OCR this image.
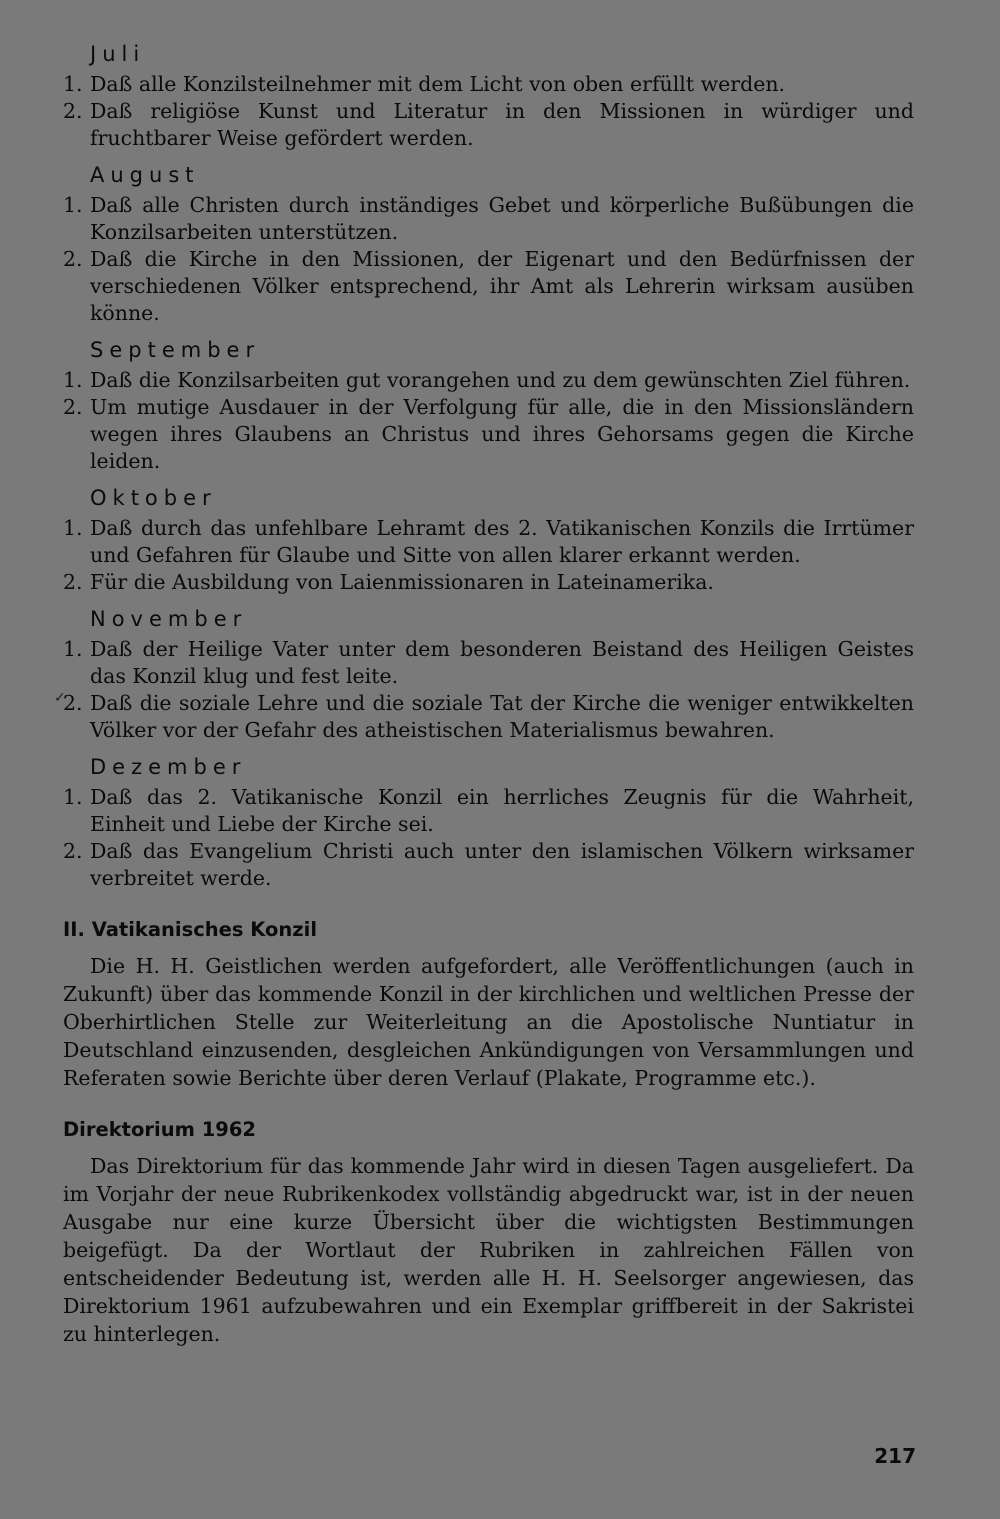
Juli
1. Daß alle Konzilsteilnehmer mit dem Licht von oben erfüllt werden.
2. Daß religiöse Kunst und Literatur in den Missionen in würdiger und fruchtbarer Weise gefördert werden.
August
1. Daß alle Christen durch inständiges Gebet und körperliche Bußübungen die Konzilsarbeiten unterstützen.
2. Daß die Kirche in den Missionen, der Eigenart und den Bedürfnissen der verschiedenen Völker entsprechend, ihr Amt als Lehrerin wirksam ausüben könne.
September
1. Daß die Konzilsarbeiten gut vorangehen und zu dem gewünschten Ziel führen.
2. Um mutige Ausdauer in der Verfolgung für alle, die in den Missionsländern wegen ihres Glaubens an Christus und ihres Gehorsams gegen die Kirche leiden.
Oktober
1. Daß durch das unfehlbare Lehramt des 2. Vatikanischen Konzils die Irrtümer und Gefahren für Glaube und Sitte von allen klarer erkannt werden.
2. Für die Ausbildung von Laienmissionaren in Lateinamerika.
November
1. Daß der Heilige Vater unter dem besonderen Beistand des Heiligen Geistes das Konzil klug und fest leite.
2. Daß die soziale Lehre und die soziale Tat der Kirche die weniger entwikkelten Völker vor der Gefahr des atheistischen Materialismus bewahren.
Dezember
1. Daß das 2. Vatikanische Konzil ein herrliches Zeugnis für die Wahrheit, Einheit und Liebe der Kirche sei.
2. Daß das Evangelium Christi auch unter den islamischen Völkern wirksamer verbreitet werde.
II. Vatikanisches Konzil

Die H. H. Geistlichen werden aufgefordert, alle Veröffentlichungen (auch in Zukunft) über das kommende Konzil in der kirchlichen und weltlichen Presse der Oberhirtlichen Stelle zur Weiterleitung an die Apostolische Nuntiatur in Deutschland einzusenden, desgleichen Ankündigungen von Versammlungen und Referaten sowie Berichte über deren Verlauf (Plakate, Programme etc.).

Direktorium 1962

Das Direktorium für das kommende Jahr wird in diesen Tagen ausgeliefert. Da im Vorjahr der neue Rubrikenkodex vollständig abgedruckt war, ist in der neuen Ausgabe nur eine kurze Übersicht über die wichtigsten Bestimmungen beigefügt. Da der Wortlaut der Rubriken in zahlreichen Fällen von entscheidender Bedeutung ist, werden alle H. H. Seelsorger angewiesen, das Direktorium 1961 aufzubewahren und ein Exemplar griffbereit in der Sakristei zu hinterlegen.

217
✓
